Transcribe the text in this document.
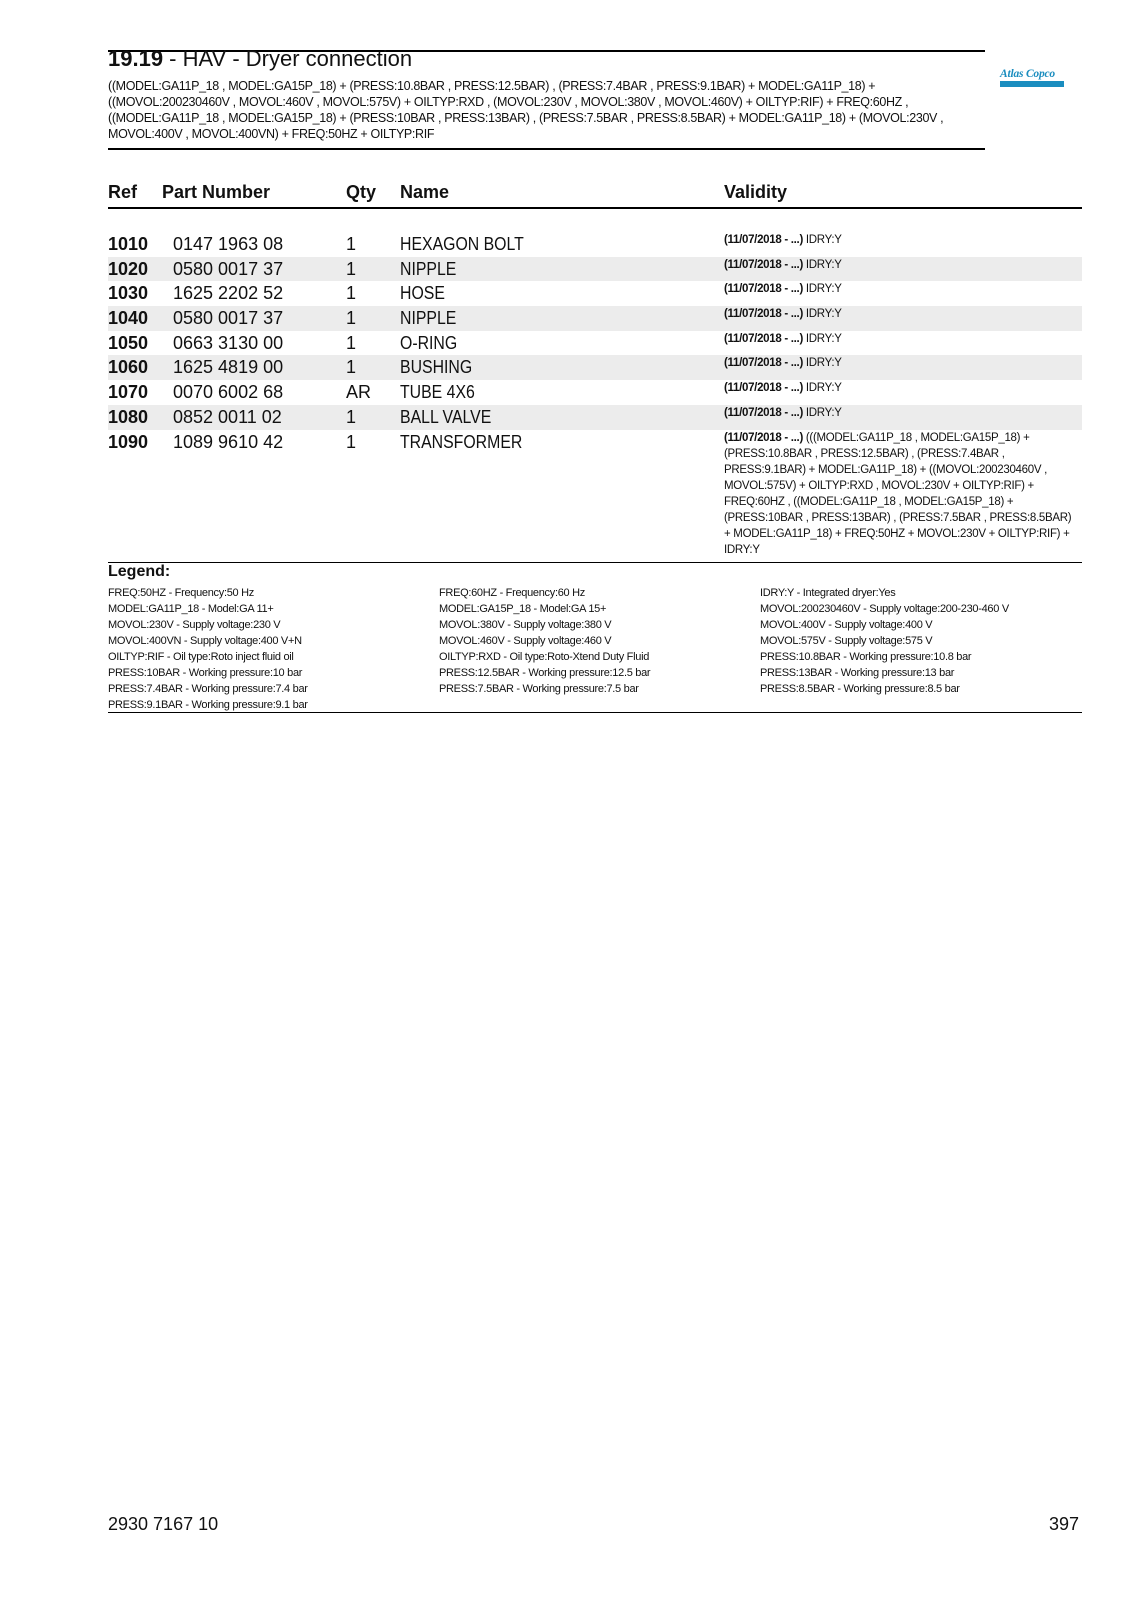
19.19 - HAV - Dryer connection
((MODEL:GA11P_18 , MODEL:GA15P_18) + (PRESS:10.8BAR , PRESS:12.5BAR) , (PRESS:7.4BAR , PRESS:9.1BAR) + MODEL:GA11P_18) + ((MOVOL:200230460V , MOVOL:460V , MOVOL:575V) + OILTYP:RXD , (MOVOL:230V , MOVOL:380V , MOVOL:460V) + OILTYP:RIF) + FREQ:60HZ , ((MODEL:GA11P_18 , MODEL:GA15P_18) + (PRESS:10BAR , PRESS:13BAR) , (PRESS:7.5BAR , PRESS:8.5BAR) + MODEL:GA11P_18) + (MOVOL:230V , MOVOL:400V , MOVOL:400VN) + FREQ:50HZ + OILTYP:RIF
Atlas Copco
Ref Part Number	Qty Name	Validity
1010 0147 1963 08	1 HEXAGON BOLT	(11/07/2018 - ...) IDRY:Y
1020 0580 0017 37	1 NIPPLE	(11/07/2018 - ...) IDRY:Y
1030 1625 2202 52	1 HOSE	(11/07/2018 - ...) IDRY:Y
1040 0580 0017 37	1 NIPPLE	(11/07/2018 - ...) IDRY:Y
1050 0663 3130 00	1 O-RING	(11/07/2018 - ...) IDRY:Y
1060 1625 4819 00	1 BUSHING	(11/07/2018 - ...) IDRY:Y
1070 0070 6002 68	AR TUBE 4X6	(11/07/2018 - ...) IDRY:Y
1080 0852 0011 02	1 BALL VALVE	(11/07/2018 - ...) IDRY:Y
1090 1089 9610 42	1 TRANSFORMER	(11/07/2018 - ...) (((MODEL:GA11P_18 , MODEL:GA15P_18) + (PRESS:10.8BAR , PRESS:12.5BAR) , (PRESS:7.4BAR , PRESS:9.1BAR) + MODEL:GA11P_18) + ((MOVOL:200230460V , MOVOL:575V) + OILTYP:RXD , MOVOL:230V + OILTYP:RIF) + FREQ:60HZ , ((MODEL:GA11P_18 , MODEL:GA15P_18) + (PRESS:10BAR , PRESS:13BAR) , (PRESS:7.5BAR , PRESS:8.5BAR) + MODEL:GA11P_18) + FREQ:50HZ + MOVOL:230V + OILTYP:RIF) + IDRY:Y
Legend:
FREQ:50HZ - Frequency:50 Hz
MODEL:GA11P_18 - Model:GA 11+
MOVOL:230V - Supply voltage:230 V
MOVOL:400VN - Supply voltage:400 V+N
OILTYP:RIF - Oil type:Roto inject fluid oil
PRESS:10BAR - Working pressure:10 bar
PRESS:7.4BAR - Working pressure:7.4 bar
PRESS:9.1BAR - Working pressure:9.1 bar
FREQ:60HZ - Frequency:60 Hz
MODEL:GA15P_18 - Model:GA 15+
MOVOL:380V - Supply voltage:380 V
MOVOL:460V - Supply voltage:460 V
OILTYP:RXD - Oil type:Roto-Xtend Duty Fluid
PRESS:12.5BAR - Working pressure:12.5 bar
PRESS:7.5BAR - Working pressure:7.5 bar
IDRY:Y - Integrated dryer:Yes
MOVOL:200230460V - Supply voltage:200-230-460 V
MOVOL:400V - Supply voltage:400 V
MOVOL:575V - Supply voltage:575 V
PRESS:10.8BAR - Working pressure:10.8 bar
PRESS:13BAR - Working pressure:13 bar
PRESS:8.5BAR - Working pressure:8.5 bar
2930 7167 10	397
